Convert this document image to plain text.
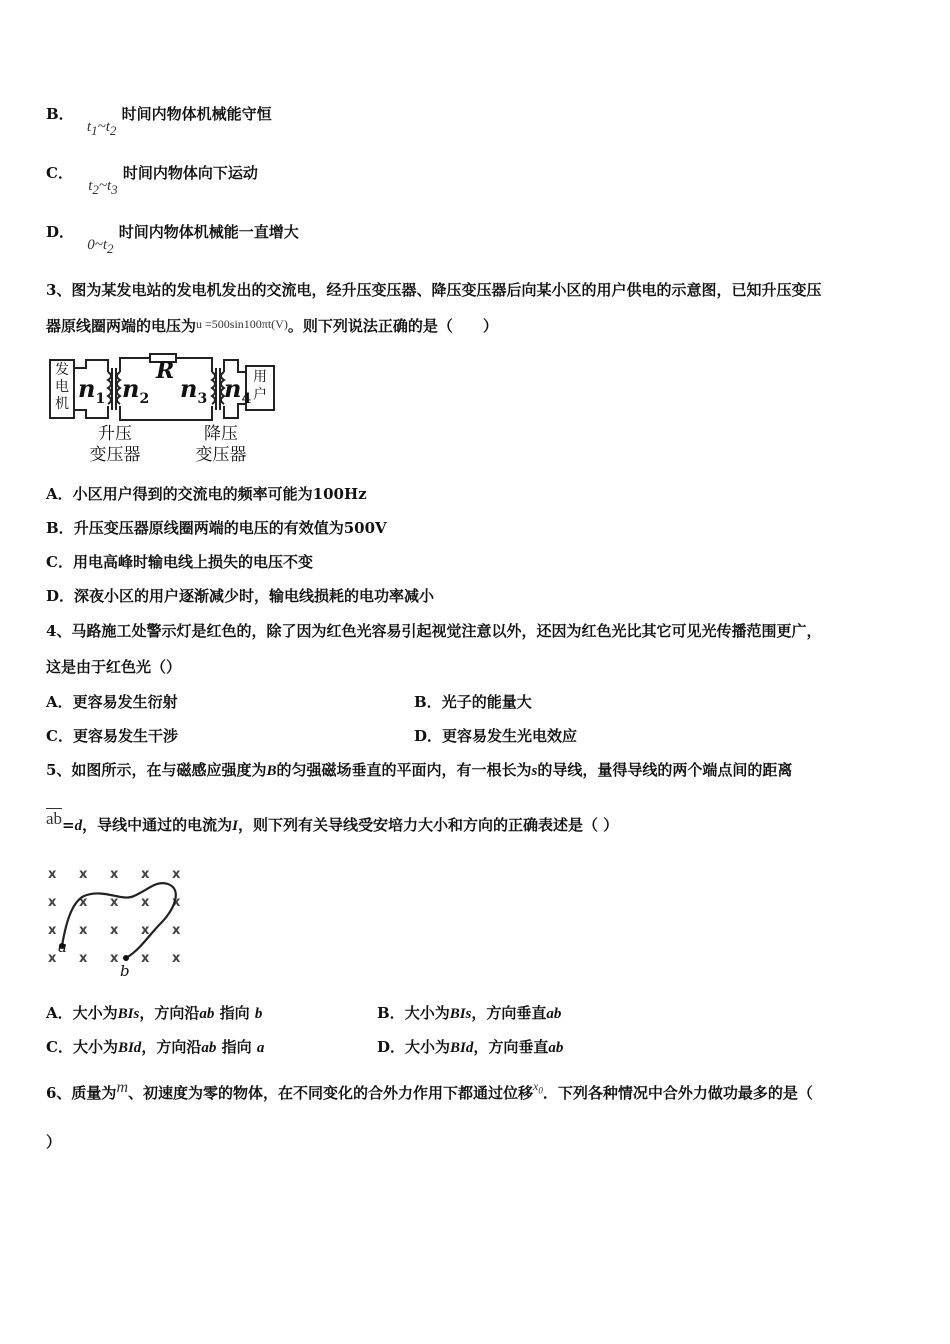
B． $t_1\sim t_2$ 时间内物体机械能守恒
C． $t_2\sim t_3$ 时间内物体向下运动
D． $0\sim t_2$ 时间内物体机械能一直增大
3、图为某发电站的发电机发出的交流电，经升压变压器、降压变压器后向某小区的用户供电的示意图，已知升压变压
器原线圈两端的电压为$^{u =500sin100\pi t(V)}$。则下列说法正确的是（　　）
发
电
机
用
户
$n_1$ $n_2$
R
$n_3$ $n_4$
升压
变压器
降压
变压器
A．小区用户得到的交流电的频率可能为100Hz
B．升压变压器原线圈两端的电压的有效值为500V
C．用电高峰时输电线上损失的电压不变
D．深夜小区的用户逐渐减少时，输电线损耗的电功率减小
4、马路施工处警示灯是红色的，除了因为红色光容易引起视觉注意以外，还因为红色光比其它可见光传播范围更广，
这是由于红色光（）
A．更容易发生衍射	B．光子的能量大
C．更容易发生干涉	D．更容易发生光电效应
5、如图所示，在与磁感应强度为B的匀强磁场垂直的平面内，有一根长为s的导线，量得导线的两个端点间的距离
ab=d，导线中通过的电流为I，则下列有关导线受安培力大小和方向的正确表述是（ ）
x x x x x
x x x x x
x x x x x
x x x x x
a
b
A．大小为BIs，方向沿ab 指向 b	B．大小为BIs，方向垂直ab
C．大小为BId，方向沿ab 指向 a	D．大小为BId，方向垂直ab
6、质量为m、初速度为零的物体，在不同变化的合外力作用下都通过位移$^{x_0}$．下列各种情况中合外力做功最多的是（
）
